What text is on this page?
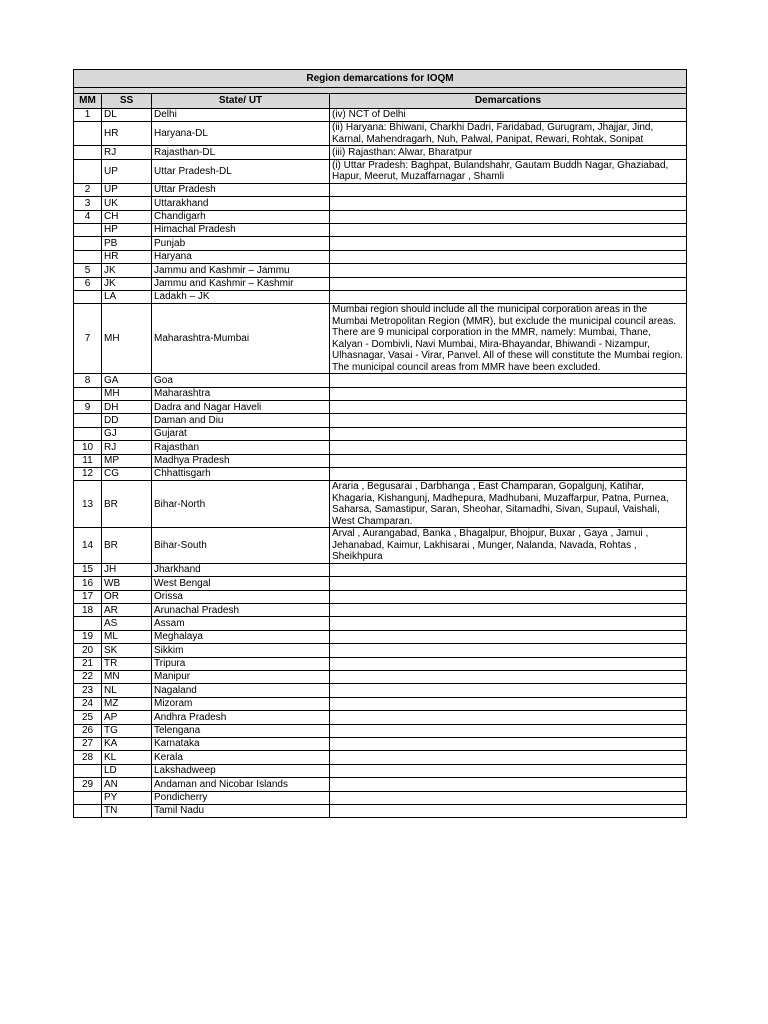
Region demarcations for IOQM			

MM	SS	State/ UT	Demarcations
1	DL	Delhi	(iv) NCT of Delhi
	HR	Haryana-DL	(ii) Haryana: Bhiwani, Charkhi Dadri, Faridabad, Gurugram, Jhajjar, Jind, Karnal, Mahendragarh, Nuh, Palwal, Panipat, Rewari, Rohtak, Sonipat
	RJ	Rajasthan-DL	(iii) Rajasthan: Alwar, Bharatpur
	UP	Uttar Pradesh-DL	(i) Uttar Pradesh: Baghpat, Bulandshahr, Gautam Buddh Nagar, Ghaziabad, Hapur, Meerut, Muzaffarnagar , Shamli
2	UP	Uttar Pradesh	
3	UK	Uttarakhand	
4	CH	Chandigarh	
	HP	Himachal Pradesh	
	PB	Punjab	
	HR	Haryana	
5	JK	Jammu and Kashmir – Jammu	
6	JK	Jammu and Kashmir – Kashmir	
	LA	Ladakh – JK	
7	MH	Maharashtra-Mumbai	Mumbai region should include all the municipal corporation areas in the Mumbai Metropolitan Region (MMR), but exclude the municipal council areas. There are 9 municipal corporation in the MMR, namely: Mumbai, Thane, Kalyan - Dombivli, Navi Mumbai, Mira-Bhayandar, Bhiwandi - Nizampur, Ulhasnagar, Vasai - Virar, Panvel. All of these will constitute the Mumbai region. The municipal council areas from MMR have been excluded.
8	GA	Goa	
	MH	Maharashtra	
9	DH	Dadra and Nagar Haveli	
	DD	Daman and Diu	
	GJ	Gujarat	
10	RJ	Rajasthan	
11	MP	Madhya Pradesh	
12	CG	Chhattisgarh	
13	BR	Bihar-North	Araria , Begusarai , Darbhanga , East Champaran, Gopalgunj, Katihar, Khagaria, Kishangunj, Madhepura, Madhubani, Muzaffarpur, Patna, Purnea, Saharsa, Samastipur, Saran, Sheohar, Sitamadhi, Sivan, Supaul, Vaishali, West Champaran.
14	BR	Bihar-South	Arval , Aurangabad, Banka , Bhagalpur, Bhojpur, Buxar , Gaya , Jamui , Jehanabad, Kaimur, Lakhisarai , Munger, Nalanda, Navada, Rohtas , Sheikhpura
15	JH	Jharkhand	
16	WB	West Bengal	
17	OR	Orissa	
18	AR	Arunachal Pradesh	
	AS	Assam	
19	ML	Meghalaya	
20	SK	Sikkim	
21	TR	Tripura	
22	MN	Manipur	
23	NL	Nagaland	
24	MZ	Mizoram	
25	AP	Andhra Pradesh	
26	TG	Telengana	
27	KA	Karnataka	
28	KL	Kerala	
	LD	Lakshadweep	
29	AN	Andaman and Nicobar Islands	
	PY	Pondicherry	
	TN	Tamil Nadu	
